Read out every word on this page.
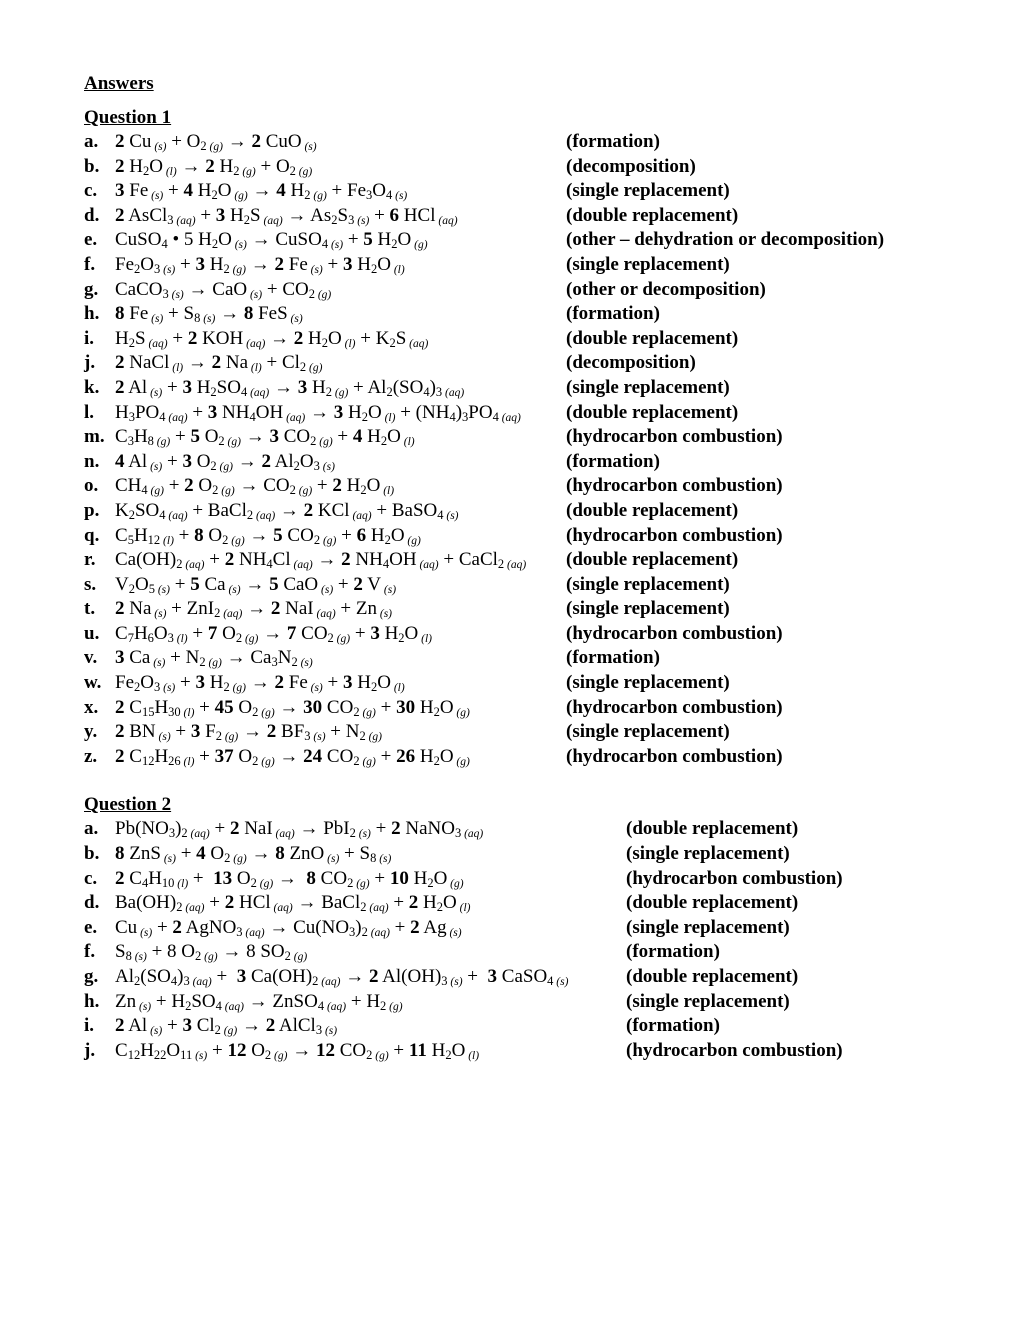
Answers
Question 1
a. 2 Cu $_{(s)} + O_2$ $_{(g)}$ → 2 CuO $_{(s)}$	(formation)
b. 2 $H_2O$ $_{(l)}$ → 2 $H_2$ $_{(g)} + O_2$ $_{(g)}$	(decomposition)
c. 3 Fe $_{(s)}$ + 4 $H_2O$ $_{(g)}$ → 4 $H_2$ $_{(g)} + Fe_3O_4$ $_{(s)}$	(single replacement)
d. 2 AsCl$_3$ $_{(aq)}$ + 3 $H_2S$ $_{(aq)} \to As_2S_3$ $_{(s)}$ + 6 HCl $_{(aq)}$	(double replacement)
e. CuSO$_4$ • 5 $H_2O$ $_{(s)}$ → CuSO$_4$ $_{(s)}$ + 5 $H_2O$ $_{(g)}$	(other – dehydration or decomposition)
f. $Fe_2O_3$ $_{(s)}$ + 3 $H_2$ $_{(g)}$ → 2 Fe $_{(s)}$ + 3 $H_2O$ $_{(l)}$	(single replacement)
g. CaCO$_3$ $_{(s)}$ → CaO $_{(s)} + CO_2$ $_{(g)}$	(other or decomposition)
h. 8 Fe $_{(s)} + S_8$ $_{(s)}$ → 8 FeS $_{(s)}$	(formation)
i. $H_2S$ $_{(aq)}$ + 2 KOH $_{(aq)}$ → 2 $H_2O$ $_{(l)} + K_2S$ $_{(aq)}$	(double replacement)
j. 2 NaCl $_{(l)}$ → 2 Na $_{(l)} + Cl_2$ $_{(g)}$	(decomposition)
k. 2 Al $_{(s)}$ + 3 $H_2SO_4$ $_{(aq)}$ → 3 $H_2$ $_{(g)} + Al_2(SO_4)_3$ $_{(aq)}$	(single replacement)
l. $H_3PO_4$ $_{(aq)}$ + 3 $NH_4OH$ $_{(aq)}$ → 3 $H_2O$ $_{(l)} + (NH_4)_3PO_4$ $_{(aq)}$ (double replacement)
m. $C_3H_8$ $_{(g)}$ + 5 $O_2$ $_{(g)}$ → 3 $CO_2$ $_{(g)}$ + 4 $H_2O$ $_{(l)}$	(hydrocarbon combustion)
n. 4 Al $_{(s)}$ + 3 $O_2$ $_{(g)}$ → 2 $Al_2O_3$ $_{(s)}$	(formation)
o. $CH_4$ $_{(g)}$ + 2 $O_2$ $_{(g)} \to CO_2$ $_{(g)}$ + 2 $H_2O$ $_{(l)}$	(hydrocarbon combustion)
p. $K_2SO_4$ $_{(aq)}$ + BaCl$_2$ $_{(aq)}$ → 2 KCl $_{(aq)}$ + BaSO$_4$ $_{(s)}$	(double replacement)
q. $C_5H_{12}$ $_{(l)}$ + 8 $O_2$ $_{(g)}$ → 5 $CO_2$ $_{(g)}$ + 6 $H_2O$ $_{(g)}$	(hydrocarbon combustion)
r. $Ca(OH)_2$ $_{(aq)}$ + 2 $NH_4Cl$ $_{(aq)}$ → 2 $NH_4OH$ $_{(aq)}$ + CaCl$_2$ $_{(aq)}$ (double replacement)
s. $V_2O_5$ $_{(s)}$ + 5 Ca $_{(s)}$ → 5 CaO $_{(s)}$ + 2 V $_{(s)}$	(single replacement)
t. 2 Na $_{(s)}$ + ZnI$_2$ $_{(aq)}$ → 2 NaI $_{(aq)}$ + Zn $_{(s)}$	(single replacement)
u. $C_7H_6O_3$ $_{(l)}$ + 7 $O_2$ $_{(g)}$ → 7 $CO_2$ $_{(g)}$ + 3 $H_2O$ $_{(l)}$	(hydrocarbon combustion)
v. 3 Ca $_{(s)} + N_2$ $_{(g)} \to Ca_3N_2$ $_{(s)}$	(formation)
w. $Fe_2O_3$ $_{(s)}$ + 3 $H_2$ $_{(g)}$ → 2 Fe $_{(s)}$ + 3 $H_2O$ $_{(l)}$	(single replacement)
x. 2 $C_{15}H_{30}$ $_{(l)}$ + 45 $O_2$ $_{(g)}$ → 30 $CO_2$ $_{(g)}$ + 30 $H_2O$ $_{(g)}$	(hydrocarbon combustion)
y. 2 BN $_{(s)}$ + 3 $F_2$ $_{(g)}$ → 2 $BF_3$ $_{(s)} + N_2$ $_{(g)}$	(single replacement)
z. 2 $C_{12}H_{26}$ $_{(l)}$ + 37 $O_2$ $_{(g)}$ → 24 $CO_2$ $_{(g)}$ + 26 $H_2O$ $_{(g)}$	(hydrocarbon combustion)
Question 2
a. $Pb(NO_3)_2$ $_{(aq)}$ + 2 NaI $_{(aq)}$ → PbI$_2$ $_{(s)}$ + 2 NaNO$_3$ $_{(aq)}$	(double replacement)
b. 8 ZnS $_{(s)}$ + 4 $O_2$ $_{(g)}$ → 8 ZnO $_{(s)} + S_8$ $_{(s)}$	(single replacement)
c. 2 $C_4H_{10}$ $_{(l)}$ +  13 $O_2$ $_{(g)}$ →  8 $CO_2$ $_{(g)}$ + 10 $H_2O$ $_{(g)}$	(hydrocarbon combustion)
d. $Ba(OH)_2$ $_{(aq)}$ + 2 HCl $_{(aq)}$ → BaCl$_2$ $_{(aq)}$ + 2 $H_2O$ $_{(l)}$	(double replacement)
e. Cu $_{(s)}$ + 2 AgNO$_3$ $_{(aq)} \to Cu(NO_3)_2$ $_{(aq)}$ + 2 Ag $_{(s)}$	(single replacement)
f. $S_8$ $_{(s)}$ + 8 $O_2$ $_{(g)}$ → 8 $SO_2$ $_{(g)}$	(formation)
g. $Al_2(SO_4)_3$ $_{(aq)}$ +  3 $Ca(OH)_2$ $_{(aq)}$ → 2 $Al(OH)_3$ $_{(s)}$ +  3 CaSO$_4$ $_{(s)}$	(double replacement)
h. Zn $_{(s)} + H_2SO_4$ $_{(aq)}$ → ZnSO$_4$ $_{(aq)} + H_2$ $_{(g)}$	(single replacement)
i. 2 Al $_{(s)}$ + 3 $Cl_2$ $_{(g)}$ → 2 AlCl$_3$ $_{(s)}$	(formation)
j. $C_{12}H_{22}O_{11}$ $_{(s)}$ + 12 $O_2$ $_{(g)}$ → 12 $CO_2$ $_{(g)}$ + 11 $H_2O$ $_{(l)}$	(hydrocarbon combustion)
